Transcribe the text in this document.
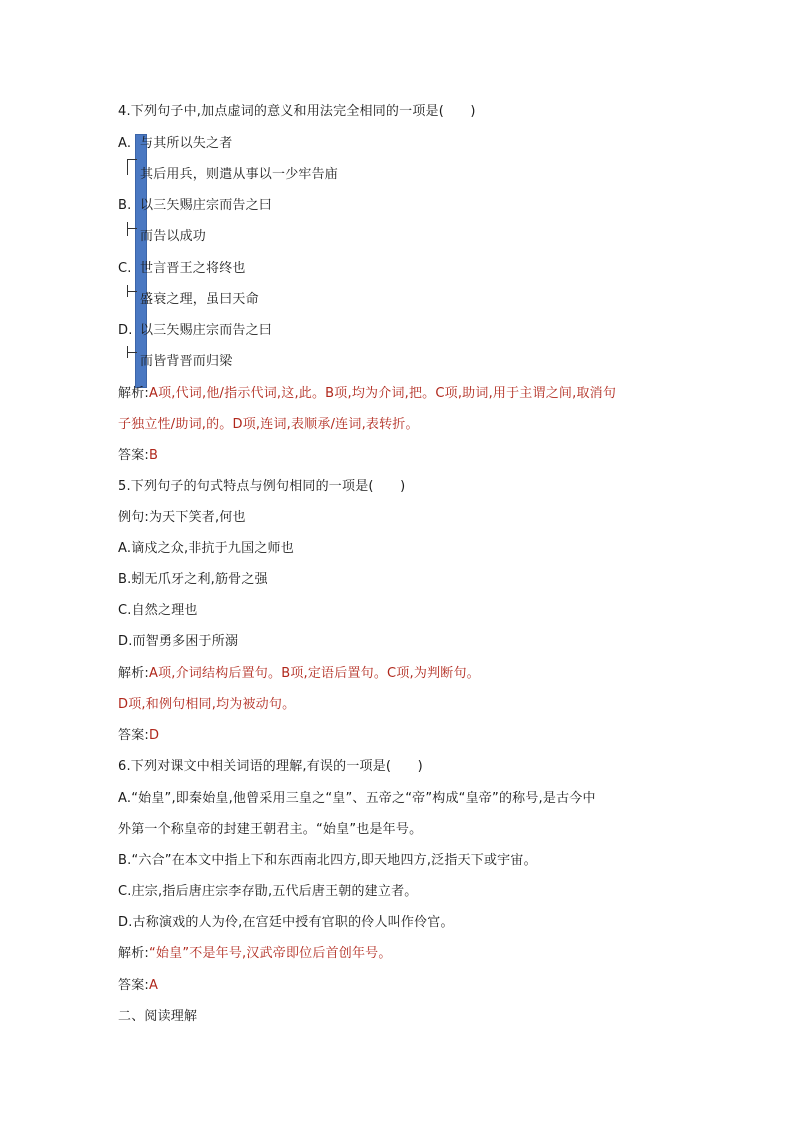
4.下列句子中,加点虚词的意义和用法完全相同的一项是(　　)
A. 与其所以失之者
其后用兵，则遣从事以一少牢告庙
B. 以三矢赐庄宗而告之曰
而告以成功
C. 世言晋王之将终也
盛衰之理，虽曰天命
D. 以三矢赐庄宗而告之曰
而皆背晋而归梁
解析:A项,代词,他/指示代词,这,此。B项,均为介词,把。C项,助词,用于主谓之间,取消句
子独立性/助词,的。D项,连词,表顺承/连词,表转折。
答案:B
5.下列句子的句式特点与例句相同的一项是(　　)
例句:为天下笑者,何也
A.谪戍之众,非抗于九国之师也
B.蚓无爪牙之利,筋骨之强
C.自然之理也
D.而智勇多困于所溺
解析:A项,介词结构后置句。B项,定语后置句。C项,为判断句。
D项,和例句相同,均为被动句。
答案:D
6.下列对课文中相关词语的理解,有误的一项是(　　)
A.“始皇”,即秦始皇,他曾采用三皇之“皇”、五帝之“帝”构成“皇帝”的称号,是古今中
外第一个称皇帝的封建王朝君主。“始皇”也是年号。
B.“六合”在本文中指上下和东西南北四方,即天地四方,泛指天下或宇宙。
C.庄宗,指后唐庄宗李存勖,五代后唐王朝的建立者。
D.古称演戏的人为伶,在宫廷中授有官职的伶人叫作伶官。
解析:“始皇”不是年号,汉武帝即位后首创年号。
答案:A
二、阅读理解
